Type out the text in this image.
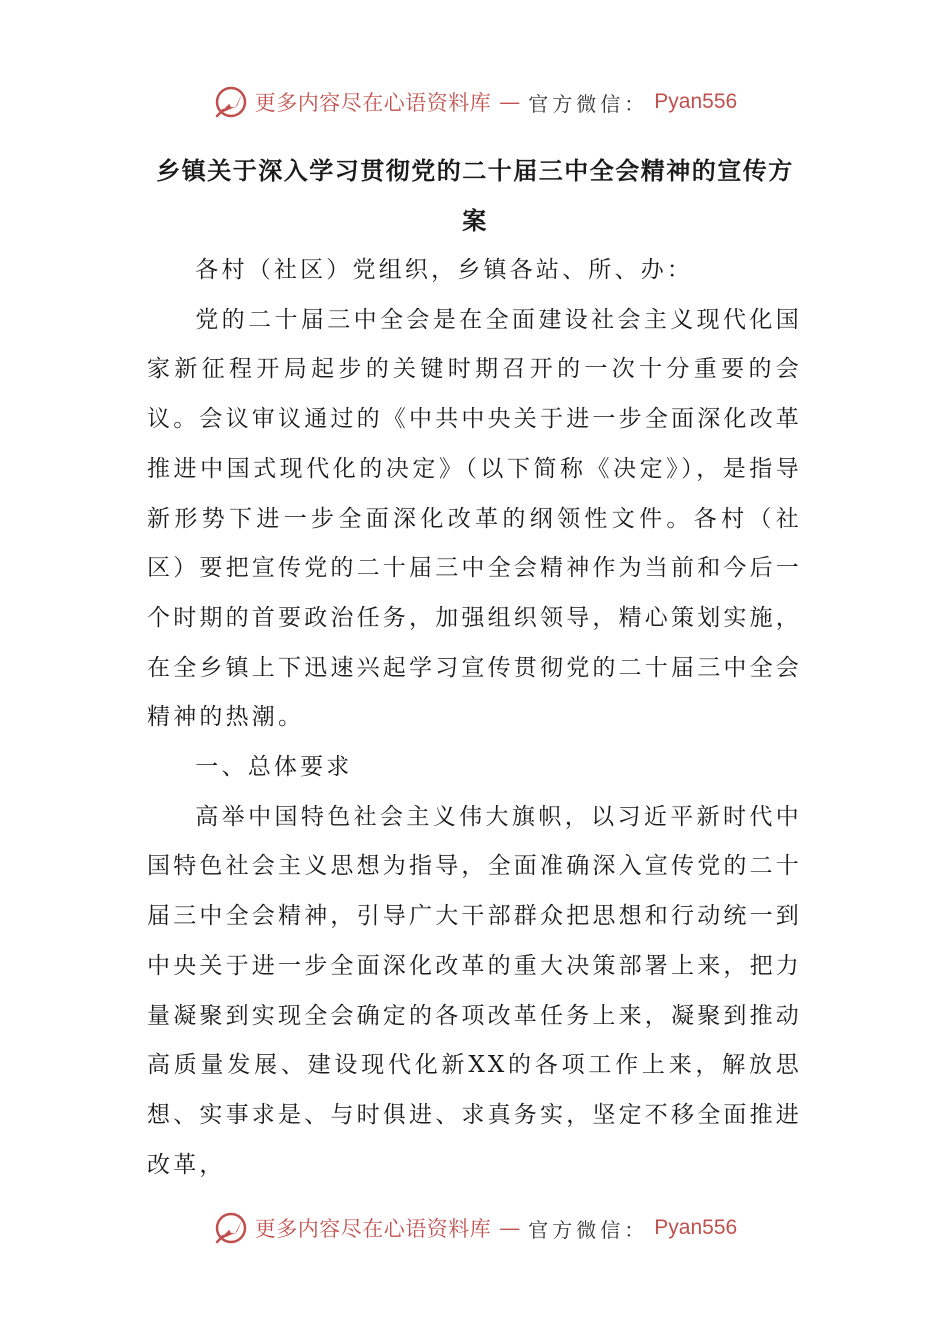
更多内容尽在心语资料库 — 官方微信： Pyan556
乡镇关于深入学习贯彻党的二十届三中全会精神的宣传方案

各村（社区）党组织，乡镇各站、所、办：

党的二十届三中全会是在全面建设社会主义现代化国家新征程开局起步的关键时期召开的一次十分重要的会议。会议审议通过的《中共中央关于进一步全面深化改革推进中国式现代化的决定》（以下简称《决定》），是指导新形势下进一步全面深化改革的纲领性文件。各村（社区）要把宣传党的二十届三中全会精神作为当前和今后一个时期的首要政治任务，加强组织领导，精心策划实施，在全乡镇上下迅速兴起学习宣传贯彻党的二十届三中全会精神的热潮。

一、总体要求

高举中国特色社会主义伟大旗帜，以习近平新时代中国特色社会主义思想为指导，全面准确深入宣传党的二十届三中全会精神，引导广大干部群众把思想和行动统一到中央关于进一步全面深化改革的重大决策部署上来，把力量凝聚到实现全会确定的各项改革任务上来，凝聚到推动高质量发展、建设现代化新XX的各项工作上来，解放思想、实事求是、与时俱进、求真务实，坚定不移全面推进改革，

更多内容尽在心语资料库 — 官方微信： Pyan556
